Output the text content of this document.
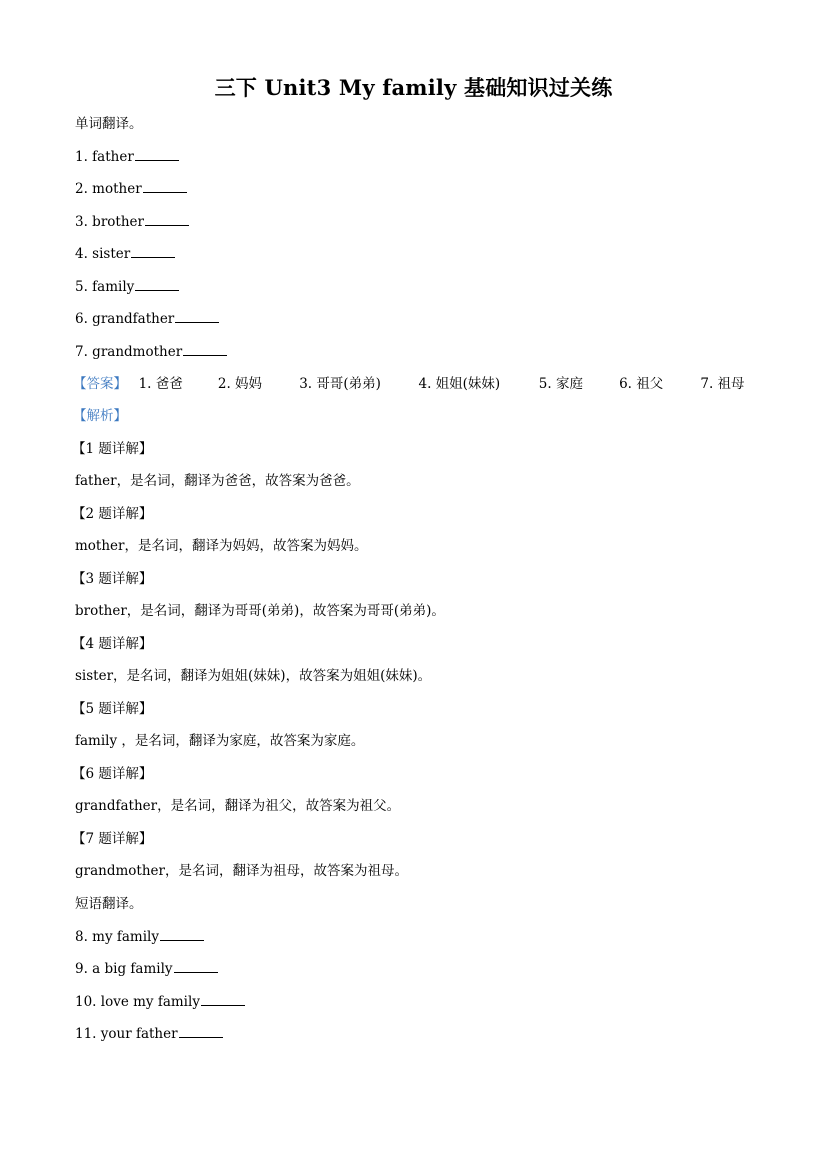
三下 Unit3 My family 基础知识过关练
单词翻译。
1. father
2. mother
3. brother
4. sister
5. family
6. grandfather
7. grandmother
【答案】 1. 爸爸	2. 妈妈	3. 哥哥(弟弟)	4. 姐姐(妹妹)	5. 家庭	6. 祖父	7. 祖母
【解析】
【1 题详解】
father，是名词，翻译为爸爸，故答案为爸爸。
【2 题详解】
mother，是名词，翻译为妈妈，故答案为妈妈。
【3 题详解】
brother，是名词，翻译为哥哥(弟弟)，故答案为哥哥(弟弟)。
【4 题详解】
sister，是名词，翻译为姐姐(妹妹)，故答案为姐姐(妹妹)。
【5 题详解】
family ，是名词，翻译为家庭，故答案为家庭。
【6 题详解】
grandfather，是名词，翻译为祖父，故答案为祖父。
【7 题详解】
grandmother，是名词，翻译为祖母，故答案为祖母。
短语翻译。
8. my family
9. a big family
10. love my family
11. your father
